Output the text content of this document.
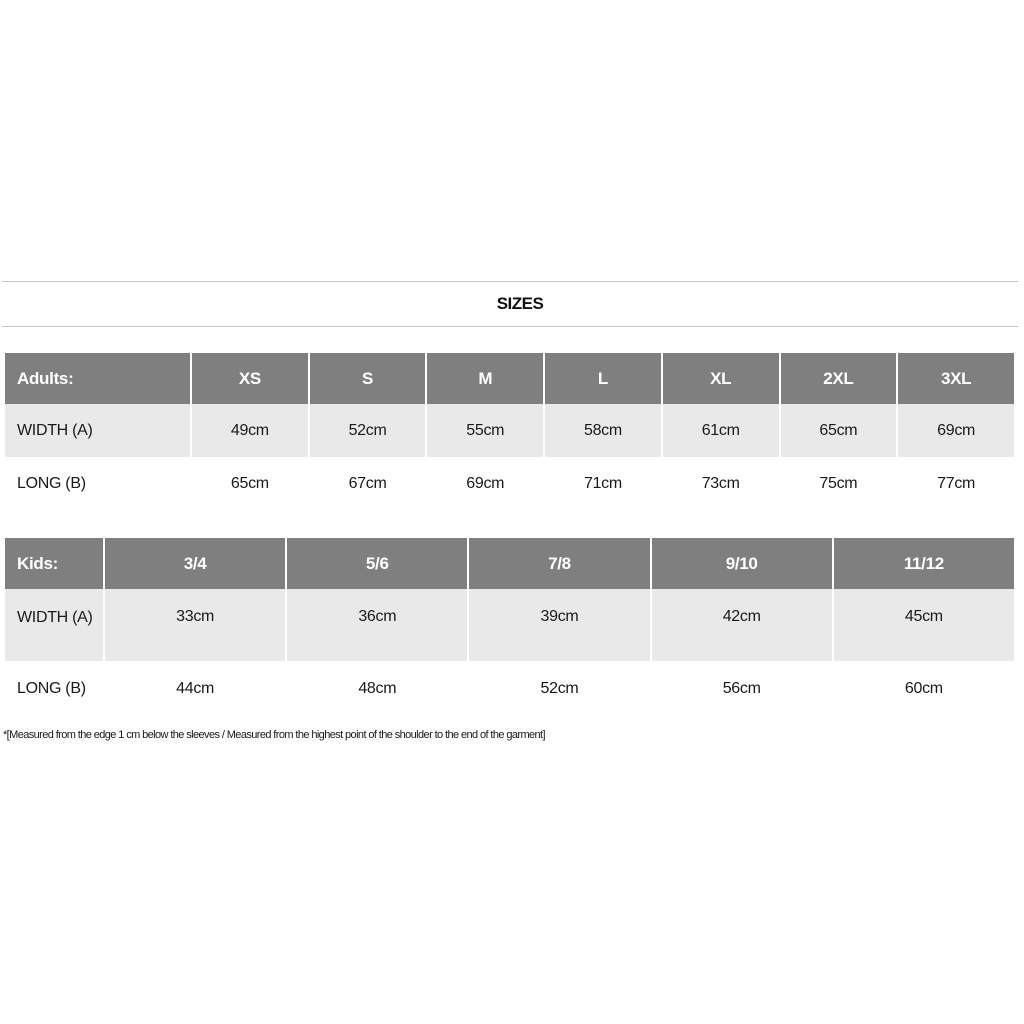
SIZES
Adults:	XS	S	M	L	XL	2XL	3XL
WIDTH (A)	49cm	52cm	55cm	58cm	61cm	65cm	69cm
LONG (B)	65cm	67cm	69cm	71cm	73cm	75cm	77cm
Kids:	3/4	5/6	7/8	9/10	11/12
WIDTH (A)	33cm	36cm	39cm	42cm	45cm
LONG (B)	44cm	48cm	52cm	56cm	60cm
*[Measured from the edge 1 cm below the sleeves / Measured from the highest point of the shoulder to the end of the garment]
